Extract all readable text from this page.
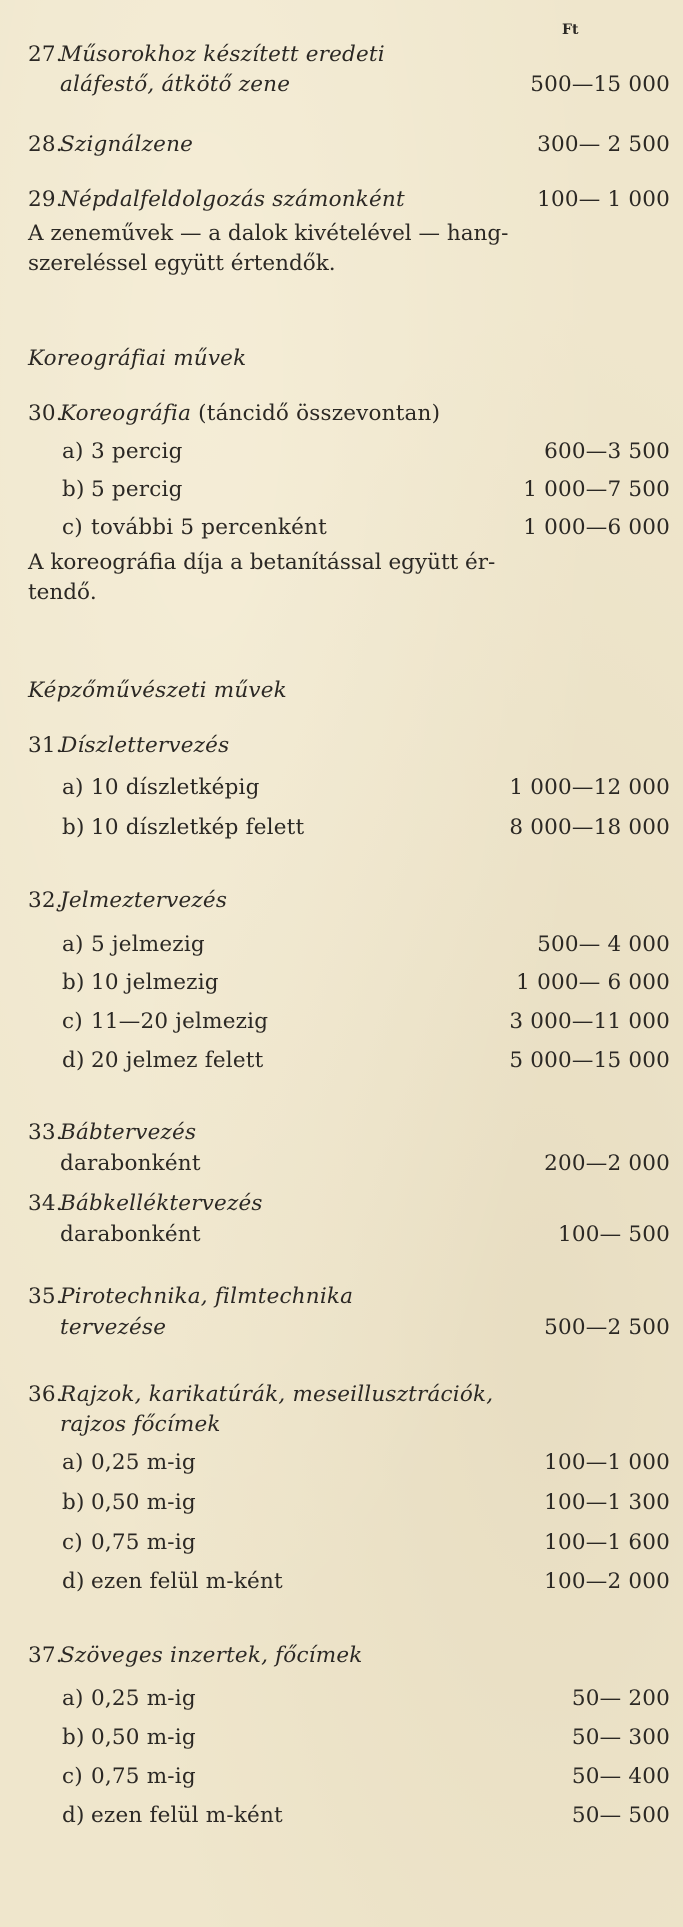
Ft
27.
Műsorokhoz készített eredeti
aláfestő, átkötő zene	500—15 000
28.
Szignálzene	300— 2 500
29.
Népdalfeldolgozás számonként	100— 1 000
A zeneművek — a dalok kivételével — hang-
szereléssel együtt értendők.
Koreográfiai művek
30.
Koreográfia (táncidő összevontan)
a) 3 percig	600—3 500
b) 5 percig	1 000—7 500
c) további 5 percenként	1 000—6 000
A koreográfia díja a betanítással együtt ér-
tendő.
Képzőművészeti művek
31.
Díszlettervezés
a) 10 díszletképig	1 000—12 000
b) 10 díszletkép felett	8 000—18 000
32.
Jelmeztervezés
a) 5 jelmezig	500— 4 000
b) 10 jelmezig	1 000— 6 000
c) 11—20 jelmezig	3 000—11 000
d) 20 jelmez felett	5 000—15 000
33.
Bábtervezés
darabonként	200—2 000
34.
Bábkelléktervezés
darabonként	100— 500
35.
Pirotechnika, filmtechnika
tervezése	500—2 500
36.
Rajzok, karikatúrák, meseillusztrációk,
rajzos főcímek
a) 0,25 m-ig	100—1 000
b) 0,50 m-ig	100—1 300
c) 0,75 m-ig	100—1 600
d) ezen felül m-ként	100—2 000
37.
Szöveges inzertek, főcímek
a) 0,25 m-ig	50— 200
b) 0,50 m-ig	50— 300
c) 0,75 m-ig	50— 400
d) ezen felül m-ként	50— 500
